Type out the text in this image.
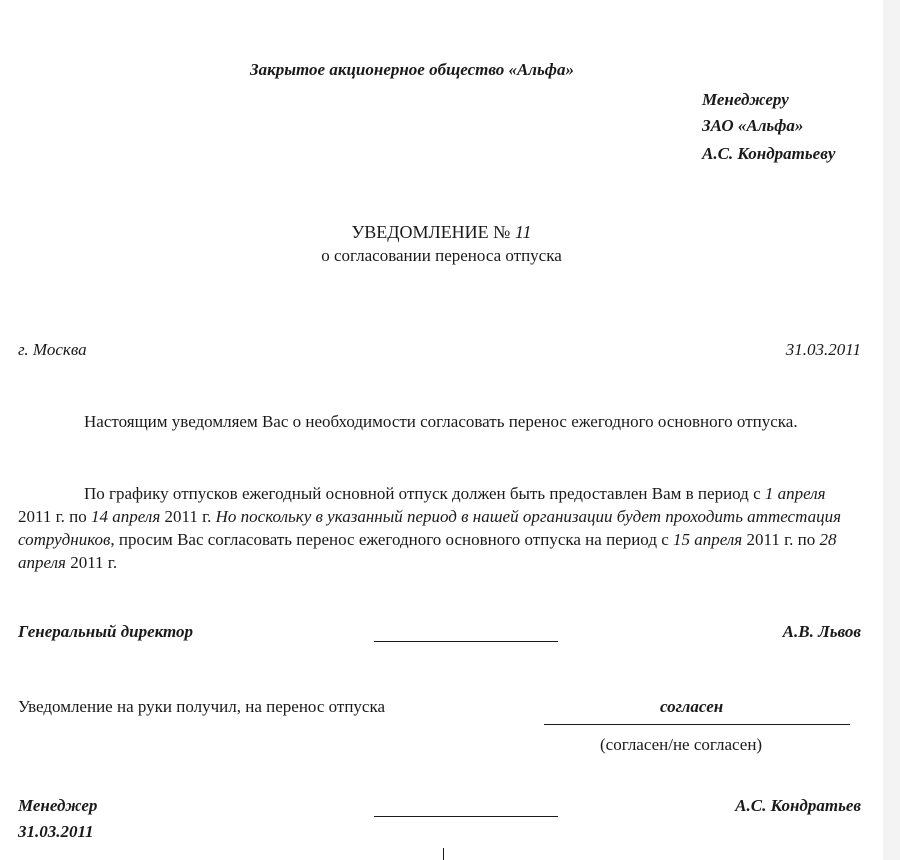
Закрытое акционерное общество «Альфа»
Менеджеру
ЗАО «Альфа»
А.С. Кондратьеву
УВЕДОМЛЕНИЕ № 11
о согласовании переноса отпуска
г. Москва	31.03.2011
Настоящим уведомляем Вас о необходимости согласовать перенос ежегодного основного отпуска.
По графику отпусков ежегодный основной отпуск должен быть предоставлен Вам в период с 1 апреля 2011 г. по 14 апреля 2011 г. Но поскольку в указанный период в нашей организации будет проходить аттестация сотрудников, просим Вас согласовать перенос ежегодного основного отпуска на период с 15 апреля 2011 г. по 28 апреля 2011 г.
Генеральный директор	А.В. Львов
Уведомление на руки получил, на перенос отпуска	согласен
(согласен/не согласен)
Менеджер
31.03.2011
А.С. Кондратьев
